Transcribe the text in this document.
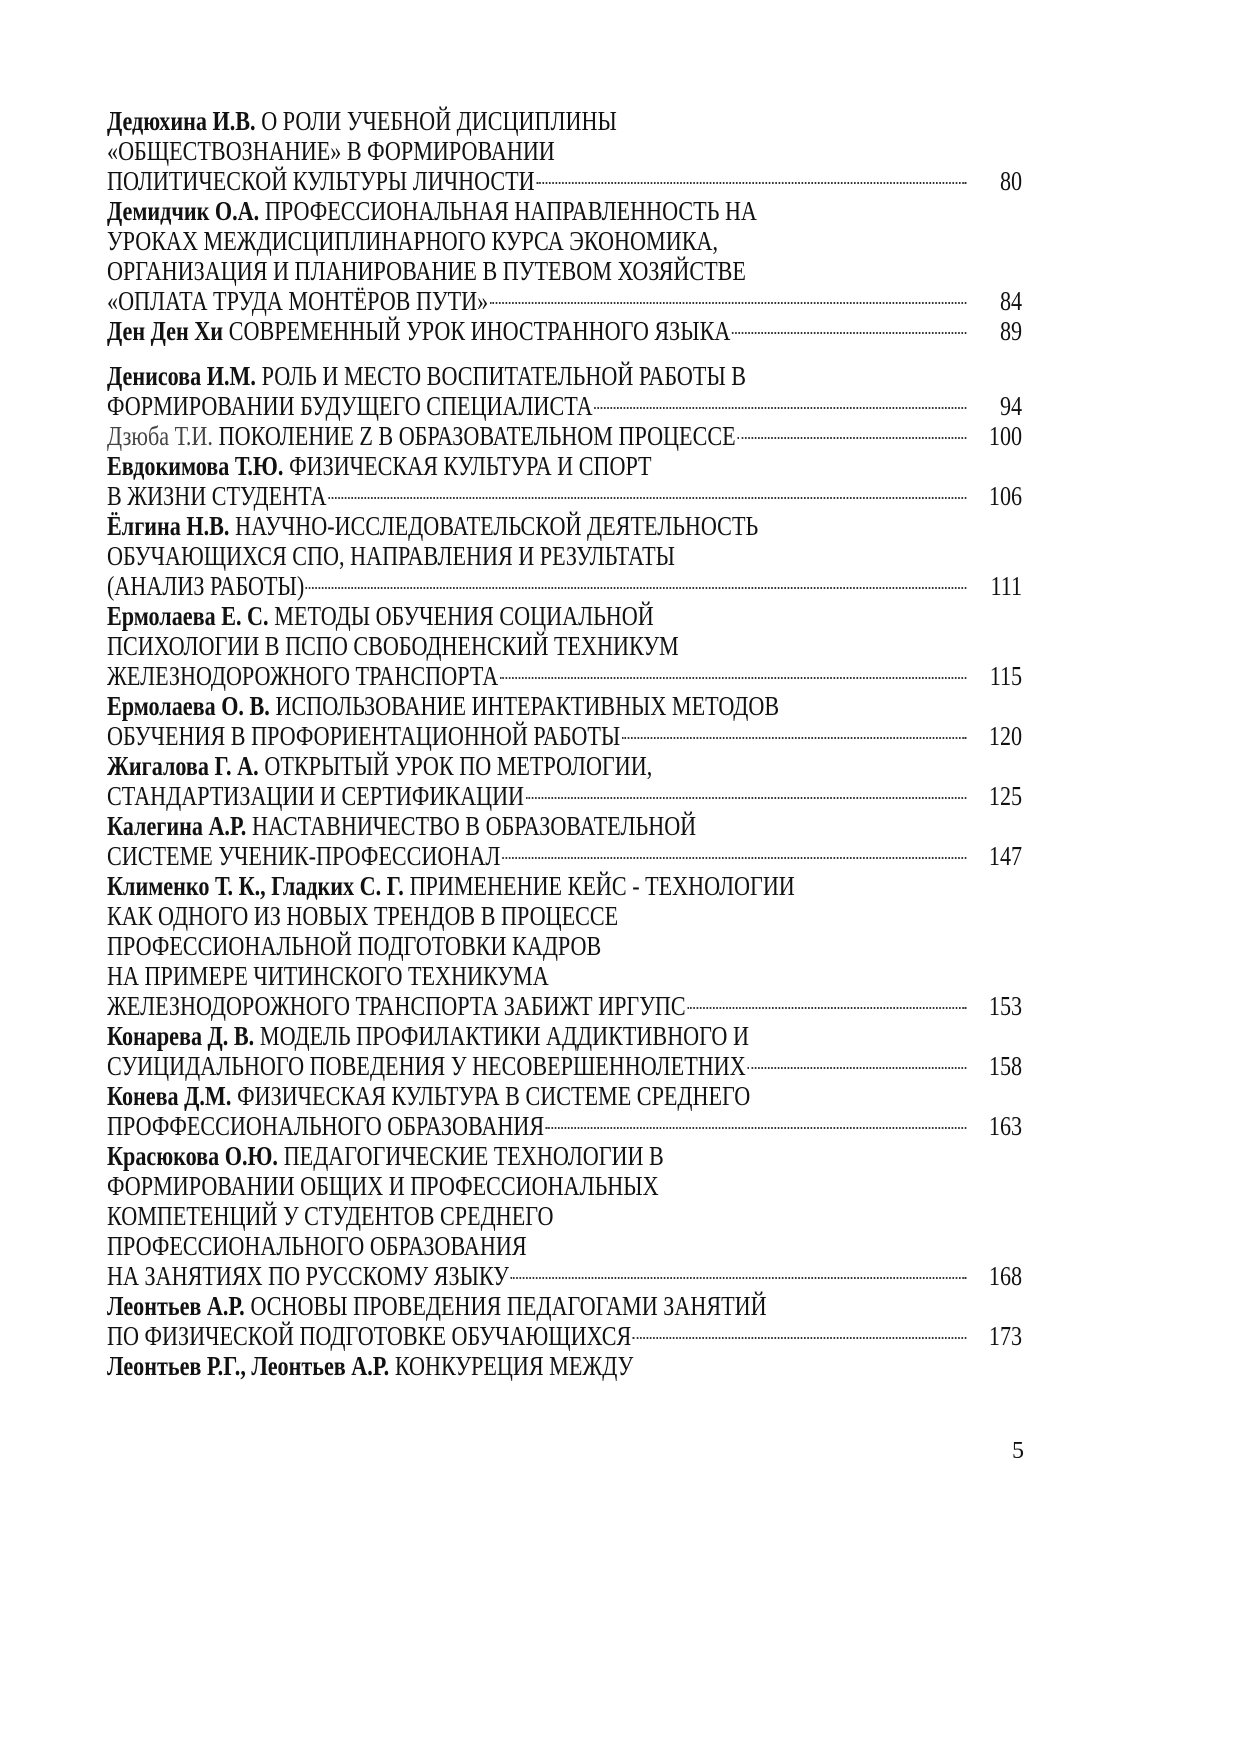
Дедюхина И.В. О РОЛИ УЧЕБНОЙ ДИСЦИПЛИНЫ
«ОБЩЕСТВОЗНАНИЕ» В ФОРМИРОВАНИИ
ПОЛИТИЧЕСКОЙ КУЛЬТУРЫ ЛИЧНОСТИ	80
Демидчик О.А. ПРОФЕССИОНАЛЬНАЯ НАПРАВЛЕННОСТЬ НА
УРОКАХ МЕЖДИСЦИПЛИНАРНОГО КУРСА ЭКОНОМИКА,
ОРГАНИЗАЦИЯ И ПЛАНИРОВАНИЕ В ПУТЕВОМ ХОЗЯЙСТВЕ
«ОПЛАТА ТРУДА МОНТЁРОВ ПУТИ»	84
Ден Ден Хи СОВРЕМЕННЫЙ УРОК ИНОСТРАННОГО ЯЗЫКА	89
Денисова И.М. РОЛЬ И МЕСТО ВОСПИТАТЕЛЬНОЙ РАБОТЫ В
ФОРМИРОВАНИИ БУДУЩЕГО СПЕЦИАЛИСТА	94
Дзюба Т.И. ПОКОЛЕНИЕ Z В ОБРАЗОВАТЕЛЬНОМ ПРОЦЕССЕ	100
Евдокимова Т.Ю. ФИЗИЧЕСКАЯ КУЛЬТУРА И СПОРТ
В ЖИЗНИ СТУДЕНТА	106
Ёлгина Н.В. НАУЧНО-ИССЛЕДОВАТЕЛЬСКОЙ ДЕЯТЕЛЬНОСТЬ
ОБУЧАЮЩИХСЯ СПО, НАПРАВЛЕНИЯ И РЕЗУЛЬТАТЫ
(АНАЛИЗ РАБОТЫ)	111
Ермолаева Е. С. МЕТОДЫ ОБУЧЕНИЯ СОЦИАЛЬНОЙ
ПСИХОЛОГИИ В ПСПО СВОБОДНЕНСКИЙ ТЕХНИКУМ
ЖЕЛЕЗНОДОРОЖНОГО ТРАНСПОРТА	115
Ермолаева О. В. ИСПОЛЬЗОВАНИЕ ИНТЕРАКТИВНЫХ МЕТОДОВ
ОБУЧЕНИЯ В ПРОФОРИЕНТАЦИОННОЙ РАБОТЫ	120
Жигалова Г. А. ОТКРЫТЫЙ УРОК ПО МЕТРОЛОГИИ,
СТАНДАРТИЗАЦИИ И СЕРТИФИКАЦИИ	125
Калегина А.Р. НАСТАВНИЧЕСТВО В ОБРАЗОВАТЕЛЬНОЙ
СИСТЕМЕ УЧЕНИК-ПРОФЕССИОНАЛ	147
Клименко Т. К., Гладких С. Г. ПРИМЕНЕНИЕ КЕЙС - ТЕХНОЛОГИИ
КАК ОДНОГО ИЗ НОВЫХ ТРЕНДОВ В ПРОЦЕССЕ
ПРОФЕССИОНАЛЬНОЙ ПОДГОТОВКИ КАДРОВ
НА ПРИМЕРЕ ЧИТИНСКОГО ТЕХНИКУМА
ЖЕЛЕЗНОДОРОЖНОГО ТРАНСПОРТА ЗАБИЖТ ИРГУПС	153
Конарева Д. В. МОДЕЛЬ ПРОФИЛАКТИКИ АДДИКТИВНОГО И
СУИЦИДАЛЬНОГО ПОВЕДЕНИЯ У НЕСОВЕРШЕННОЛЕТНИХ	158
Конева Д.М. ФИЗИЧЕСКАЯ КУЛЬТУРА В СИСТЕМЕ СРЕДНЕГО
ПРОФФЕССИОНАЛЬНОГО ОБРАЗОВАНИЯ	163
Красюкова О.Ю. ПЕДАГОГИЧЕСКИЕ ТЕХНОЛОГИИ В
ФОРМИРОВАНИИ ОБЩИХ И ПРОФЕССИОНАЛЬНЫХ
КОМПЕТЕНЦИЙ У СТУДЕНТОВ СРЕДНЕГО
ПРОФЕССИОНАЛЬНОГО ОБРАЗОВАНИЯ
НА ЗАНЯТИЯХ ПО РУССКОМУ ЯЗЫКУ	168
Леонтьев А.Р. ОСНОВЫ ПРОВЕДЕНИЯ ПЕДАГОГАМИ ЗАНЯТИЙ
ПО ФИЗИЧЕСКОЙ ПОДГОТОВКЕ ОБУЧАЮЩИХСЯ	173
Леонтьев Р.Г., Леонтьев А.Р. КОНКУРЕЦИЯ МЕЖДУ
5
